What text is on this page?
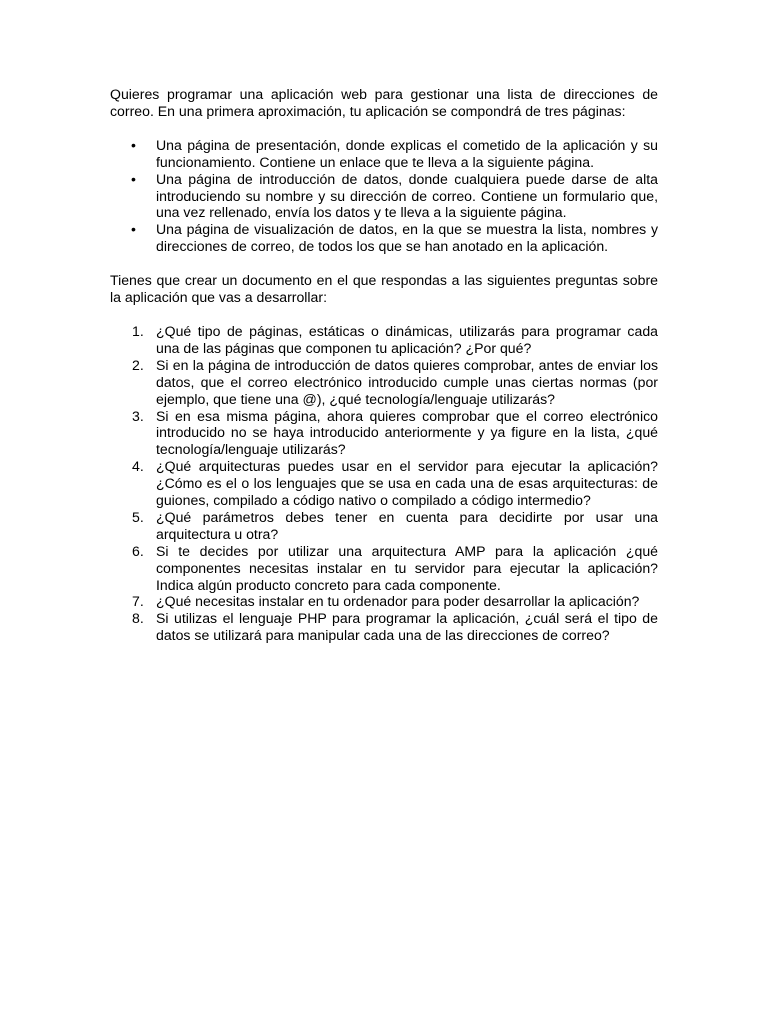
Quieres programar una aplicación web para gestionar una lista de direcciones de correo. En una primera aproximación, tu aplicación se compondrá de tres páginas:

•	Una página de presentación, donde explicas el cometido de la aplicación y su funcionamiento. Contiene un enlace que te lleva a la siguiente página.
•	Una página de introducción de datos, donde cualquiera puede darse de alta introduciendo su nombre y su dirección de correo. Contiene un formulario que, una vez rellenado, envía los datos y te lleva a la siguiente página.
•	Una página de visualización de datos, en la que se muestra la lista, nombres y direcciones de correo, de todos los que se han anotado en la aplicación.

Tienes que crear un documento en el que respondas a las siguientes preguntas sobre la aplicación que vas a desarrollar:

1. ¿Qué tipo de páginas, estáticas o dinámicas, utilizarás para programar cada una de las páginas que componen tu aplicación? ¿Por qué?
2. Si en la página de introducción de datos quieres comprobar, antes de enviar los datos, que el correo electrónico introducido cumple unas ciertas normas (por ejemplo, que tiene una @), ¿qué tecnología/lenguaje utilizarás?
3. Si en esa misma página, ahora quieres comprobar que el correo electrónico introducido no se haya introducido anteriormente y ya figure en la lista, ¿qué tecnología/lenguaje utilizarás?
4. ¿Qué arquitecturas puedes usar en el servidor para ejecutar la aplicación? ¿Cómo es el o los lenguajes que se usa en cada una de esas arquitecturas: de guiones, compilado a código nativo o compilado a código intermedio?
5. ¿Qué parámetros debes tener en cuenta para decidirte por usar una arquitectura u otra?
6. Si te decides por utilizar una arquitectura AMP para la aplicación ¿qué componentes necesitas instalar en tu servidor para ejecutar la aplicación? Indica algún producto concreto para cada componente.
7. ¿Qué necesitas instalar en tu ordenador para poder desarrollar la aplicación?
8. Si utilizas el lenguaje PHP para programar la aplicación, ¿cuál será el tipo de datos se utilizará para manipular cada una de las direcciones de correo?
